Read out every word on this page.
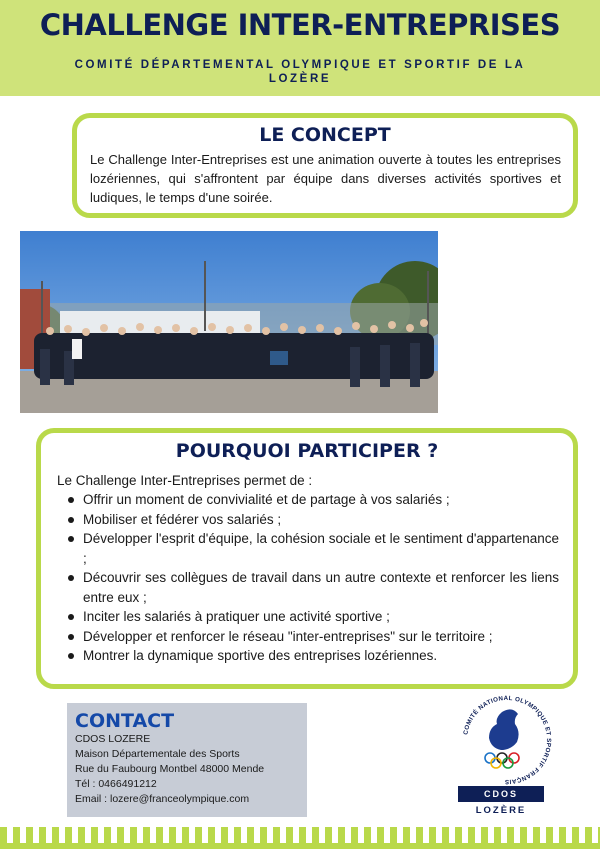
CHALLENGE INTER-ENTREPRISES
COMITÉ DÉPARTEMENTAL OLYMPIQUE ET SPORTIF DE LA LOZÈRE
LE CONCEPT

Le Challenge Inter-Entreprises est une animation ouverte à toutes les entreprises lozériennes, qui s'affrontent par équipe dans diverses activités sportives et ludiques, le temps d'une soirée.

POURQUOI PARTICIPER ?
Le Challenge Inter-Entreprises permet de :
Offrir un moment de convivialité et de partage à vos salariés ;
Mobiliser et fédérer vos salariés ;
Développer l'esprit d'équipe, la cohésion sociale et le sentiment d'appartenance ;
Découvrir ses collègues de travail dans un autre contexte et renforcer les liens entre eux ;
Inciter les salariés à pratiquer une activité sportive ;
Développer et renforcer le réseau "inter-entreprises" sur le territoire ;
Montrer la dynamique sportive des entreprises lozériennes.
CONTACT
CDOS LOZERE
Maison Départementale des Sports
Rue du Faubourg Montbel 48000 Mende
Tél : 0466491212
Email : lozere@franceolympique.com
COMITÉ NATIONAL OLYMPIQUE ET SPORTIF FRANÇAIS
CDOS
LOZÈRE
